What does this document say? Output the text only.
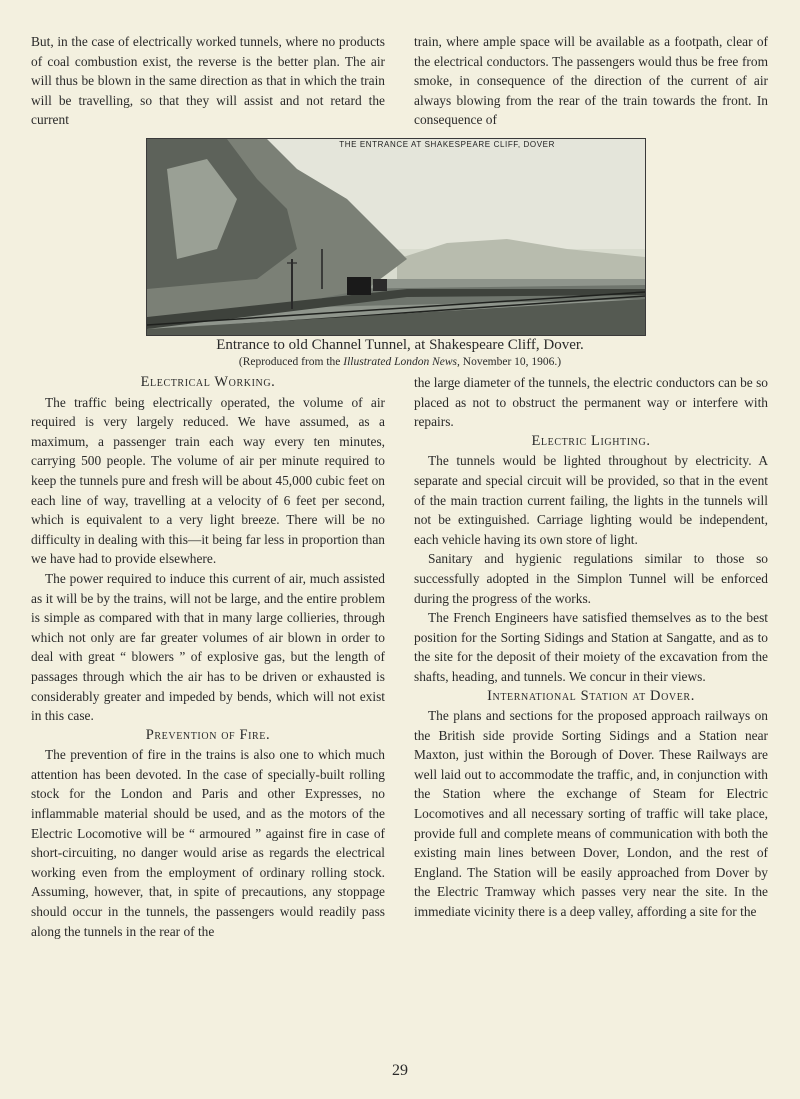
But, in the case of electrically worked tunnels, where no products of coal combustion exist, the reverse is the better plan. The air will thus be blown in the same direction as that in which the train will be travelling, so that they will assist and not retard the current

train, where ample space will be available as a footpath, clear of the electrical conductors. The passengers would thus be free from smoke, in consequence of the direction of the current of air always blowing from the rear of the train towards the front. In consequence of

THE ENTRANCE AT SHAKESPEARE CLIFF, DOVER
Entrance to old Channel Tunnel, at Shakespeare Cliff, Dover.
(Reproduced from the Illustrated London News, November 10, 1906.)
Electrical Working.

The traffic being electrically operated, the volume of air required is very largely reduced. We have assumed, as a maximum, a passenger train each way every ten minutes, carrying 500 people. The volume of air per minute required to keep the tunnels pure and fresh will be about 45,000 cubic feet on each line of way, travelling at a velocity of 6 feet per second, which is equivalent to a very light breeze. There will be no difficulty in dealing with this—it being far less in proportion than we have had to provide elsewhere.

The power required to induce this current of air, much assisted as it will be by the trains, will not be large, and the entire problem is simple as compared with that in many large collieries, through which not only are far greater volumes of air blown in order to deal with great “ blowers ” of explosive gas, but the length of passages through which the air has to be driven or exhausted is considerably greater and impeded by bends, which will not exist in this case.

Prevention of Fire.

The prevention of fire in the trains is also one to which much attention has been devoted. In the case of specially-built rolling stock for the London and Paris and other Expresses, no inflammable material should be used, and as the motors of the Electric Locomotive will be “ armoured ” against fire in case of short-circuiting, no danger would arise as regards the electrical working even from the employment of ordinary rolling stock. Assuming, however, that, in spite of precautions, any stoppage should occur in the tunnels, the passengers would readily pass along the tunnels in the rear of the

the large diameter of the tunnels, the electric conductors can be so placed as not to obstruct the permanent way or interfere with repairs.

Electric Lighting.

The tunnels would be lighted throughout by electricity. A separate and special circuit will be provided, so that in the event of the main traction current failing, the lights in the tunnels will not be extinguished. Carriage lighting would be independent, each vehicle having its own store of light.

Sanitary and hygienic regulations similar to those so successfully adopted in the Simplon Tunnel will be enforced during the progress of the works.

The French Engineers have satisfied themselves as to the best position for the Sorting Sidings and Station at Sangatte, and as to the site for the deposit of their moiety of the excavation from the shafts, heading, and tunnels. We concur in their views.

International Station at Dover.

The plans and sections for the proposed approach railways on the British side provide Sorting Sidings and a Station near Maxton, just within the Borough of Dover. These Railways are well laid out to accommodate the traffic, and, in conjunction with the Station where the exchange of Steam for Electric Locomotives and all necessary sorting of traffic will take place, provide full and complete means of communication with both the existing main lines between Dover, London, and the rest of England. The Station will be easily approached from Dover by the Electric Tramway which passes very near the site. In the immediate vicinity there is a deep valley, affording a site for the

29
